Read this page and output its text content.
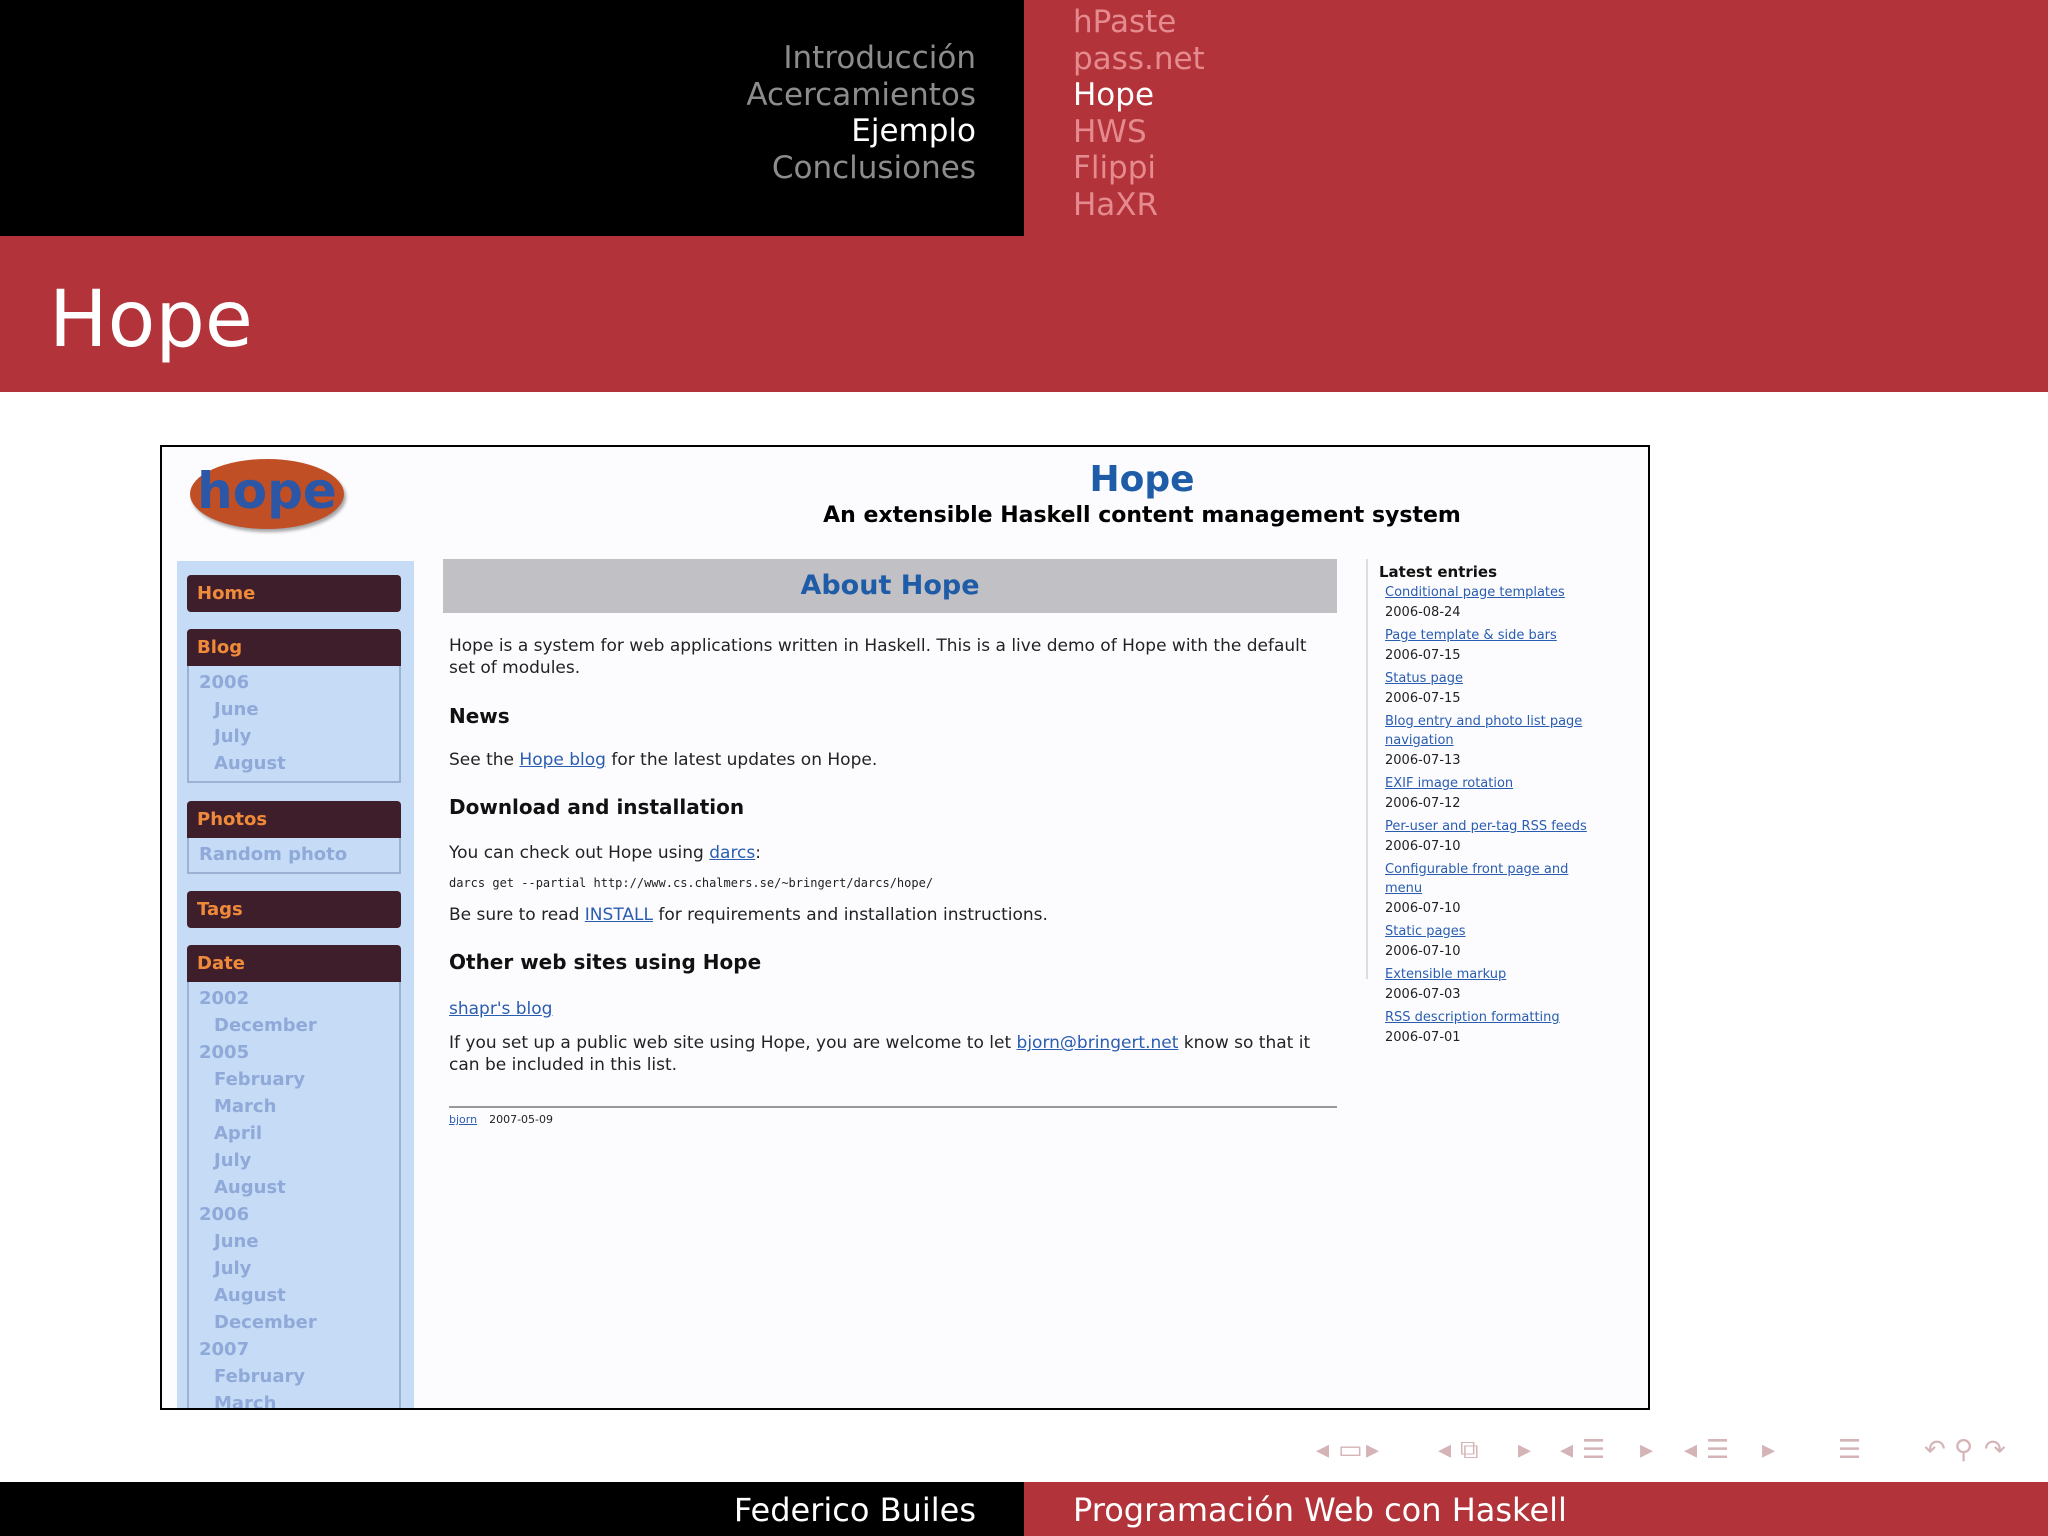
Introducción
Acercamientos
Ejemplo
Conclusiones
hPaste
pass.net
Hope
HWS
Flippi
HaXR
Hope
hope	Hope
An extensible Haskell content management system
Home
Blog
2006
June
July
August
Photos
Random photo
Tags
Date
2002
December
2005
February
March
April
July
August
2006
June
July
August
December
2007
February
March
About Hope

Hope is a system for web applications written in Haskell. This is a live demo of Hope with the default set of modules.

News

See the Hope blog for the latest updates on Hope.

Download and installation

You can check out Hope using darcs:

darcs get --partial http://www.cs.chalmers.se/~bringert/darcs/hope/

Be sure to read INSTALL for requirements and installation instructions.

Other web sites using Hope

shapr's blog

If you set up a public web site using Hope, you are welcome to let bjorn@bringert.net know so that it can be included in this list.

bjorn 2007-05-09
Latest entries
Conditional page templates
2006-08-24
Page template & side bars
2006-07-15
Status page
2006-07-15
Blog entry and photo list page navigation
2006-07-13
EXIF image rotation
2006-07-12
Per-user and per-tag RSS feeds
2006-07-10
Configurable front page and menu
2006-07-10
Static pages
2006-07-10
Extensible markup
2006-07-03
RSS description formatting
2006-07-01
◂ ▭ ▸ ◂ ⧉ ▸ ◂ ☰ ▸ ◂ ☰ ▸ ☰ ↶ ⚲ ↷
Federico Builes	Programación Web con Haskell
